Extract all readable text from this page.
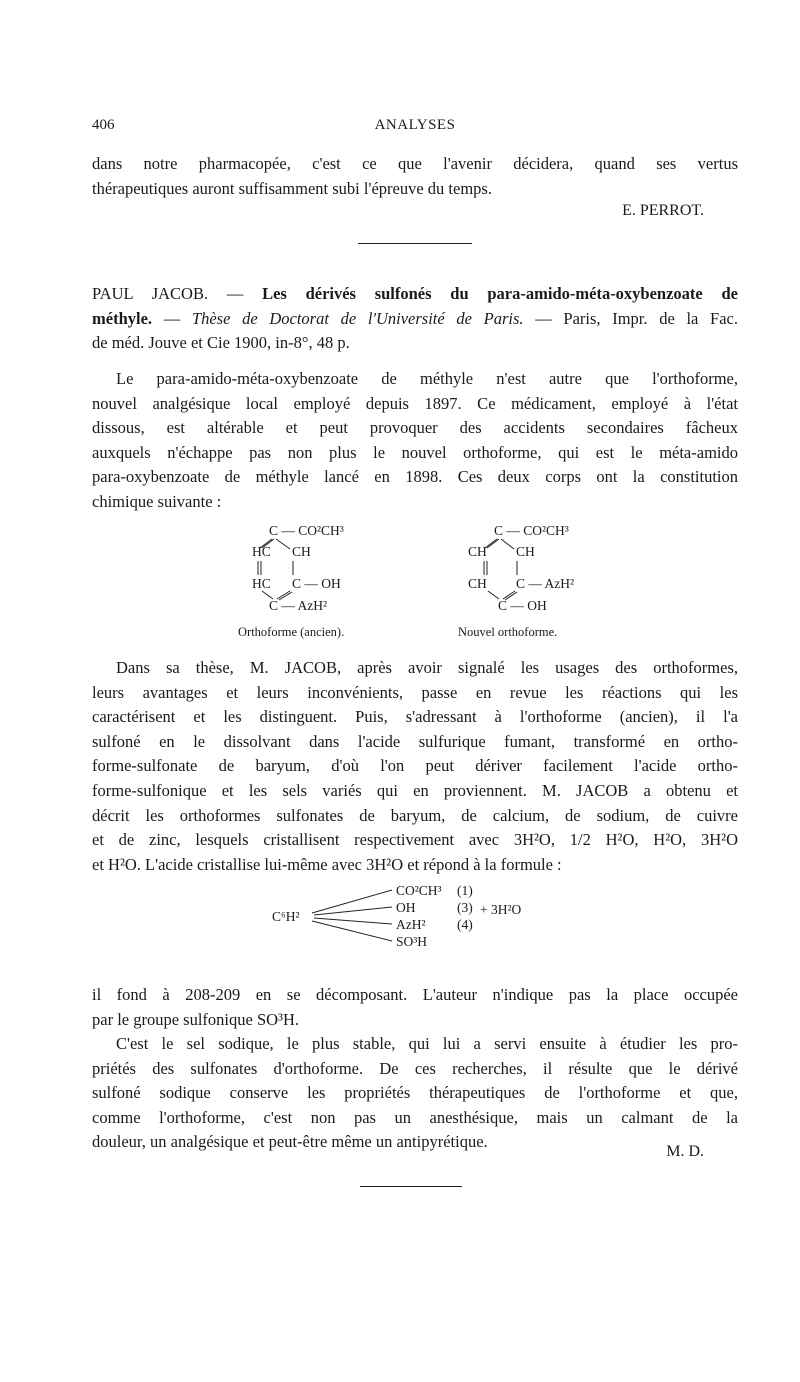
406	ANALYSES
dans notre pharmacopée, c'est ce que l'avenir décidera, quand ses vertus
thérapeutiques auront suffisamment subi l'épreuve du temps.
E. PERROT.
PAUL JACOB. — Les dérivés sulfonés du para-amido-méta-oxybenzoate de
méthyle. — Thèse de Doctorat de l'Université de Paris. — Paris, Impr. de la Fac.
de méd. Jouve et Cie 1900, in-8°, 48 p.
Le para-amido-méta-oxybenzoate de méthyle n'est autre que l'orthoforme,
nouvel analgésique local employé depuis 1897. Ce médicament, employé à l'état
dissous, est altérable et peut provoquer des accidents secondaires fâcheux
auxquels n'échappe pas non plus le nouvel orthoforme, qui est le méta-amido
para-oxybenzoate de méthyle lancé en 1898. Ces deux corps ont la constitution
chimique suivante :
C — CO²CH³
HC CH
HC C — OH
C — AzH²
Orthoforme (ancien).
C — CO²CH³
CH CH
CH C — AzH²
C — OH
Nouvel orthoforme.
Dans sa thèse, M. JACOB, après avoir signalé les usages des orthoformes,
leurs avantages et leurs inconvénients, passe en revue les réactions qui les
caractérisent et les distinguent. Puis, s'adressant à l'orthoforme (ancien), il l'a
sulfoné en le dissolvant dans l'acide sulfurique fumant, transformé en ortho-
forme-sulfonate de baryum, d'où l'on peut dériver facilement l'acide ortho-
forme-sulfonique et les sels variés qui en proviennent. M. JACOB a obtenu et
décrit les orthoformes sulfonates de baryum, de calcium, de sodium, de cuivre
et de zinc, lesquels cristallisent respectivement avec 3H²O, 1/2 H²O, H²O, 3H²O
et H²O. L'acide cristallise lui-même avec 3H²O et répond à la formule :
C⁶H²
CO²CH³
OH
AzH²
SO³H
(1)
(3)
(4)
+ 3H²O
il fond à 208-209 en se décomposant. L'auteur n'indique pas la place occupée
par le groupe sulfonique SO³H.
C'est le sel sodique, le plus stable, qui lui a servi ensuite à étudier les pro-
priétés des sulfonates d'orthoforme. De ces recherches, il résulte que le dérivé
sulfoné sodique conserve les propriétés thérapeutiques de l'orthoforme et que,
comme l'orthoforme, c'est non pas un anesthésique, mais un calmant de la
douleur, un analgésique et peut-être même un antipyrétique.
M. D.
